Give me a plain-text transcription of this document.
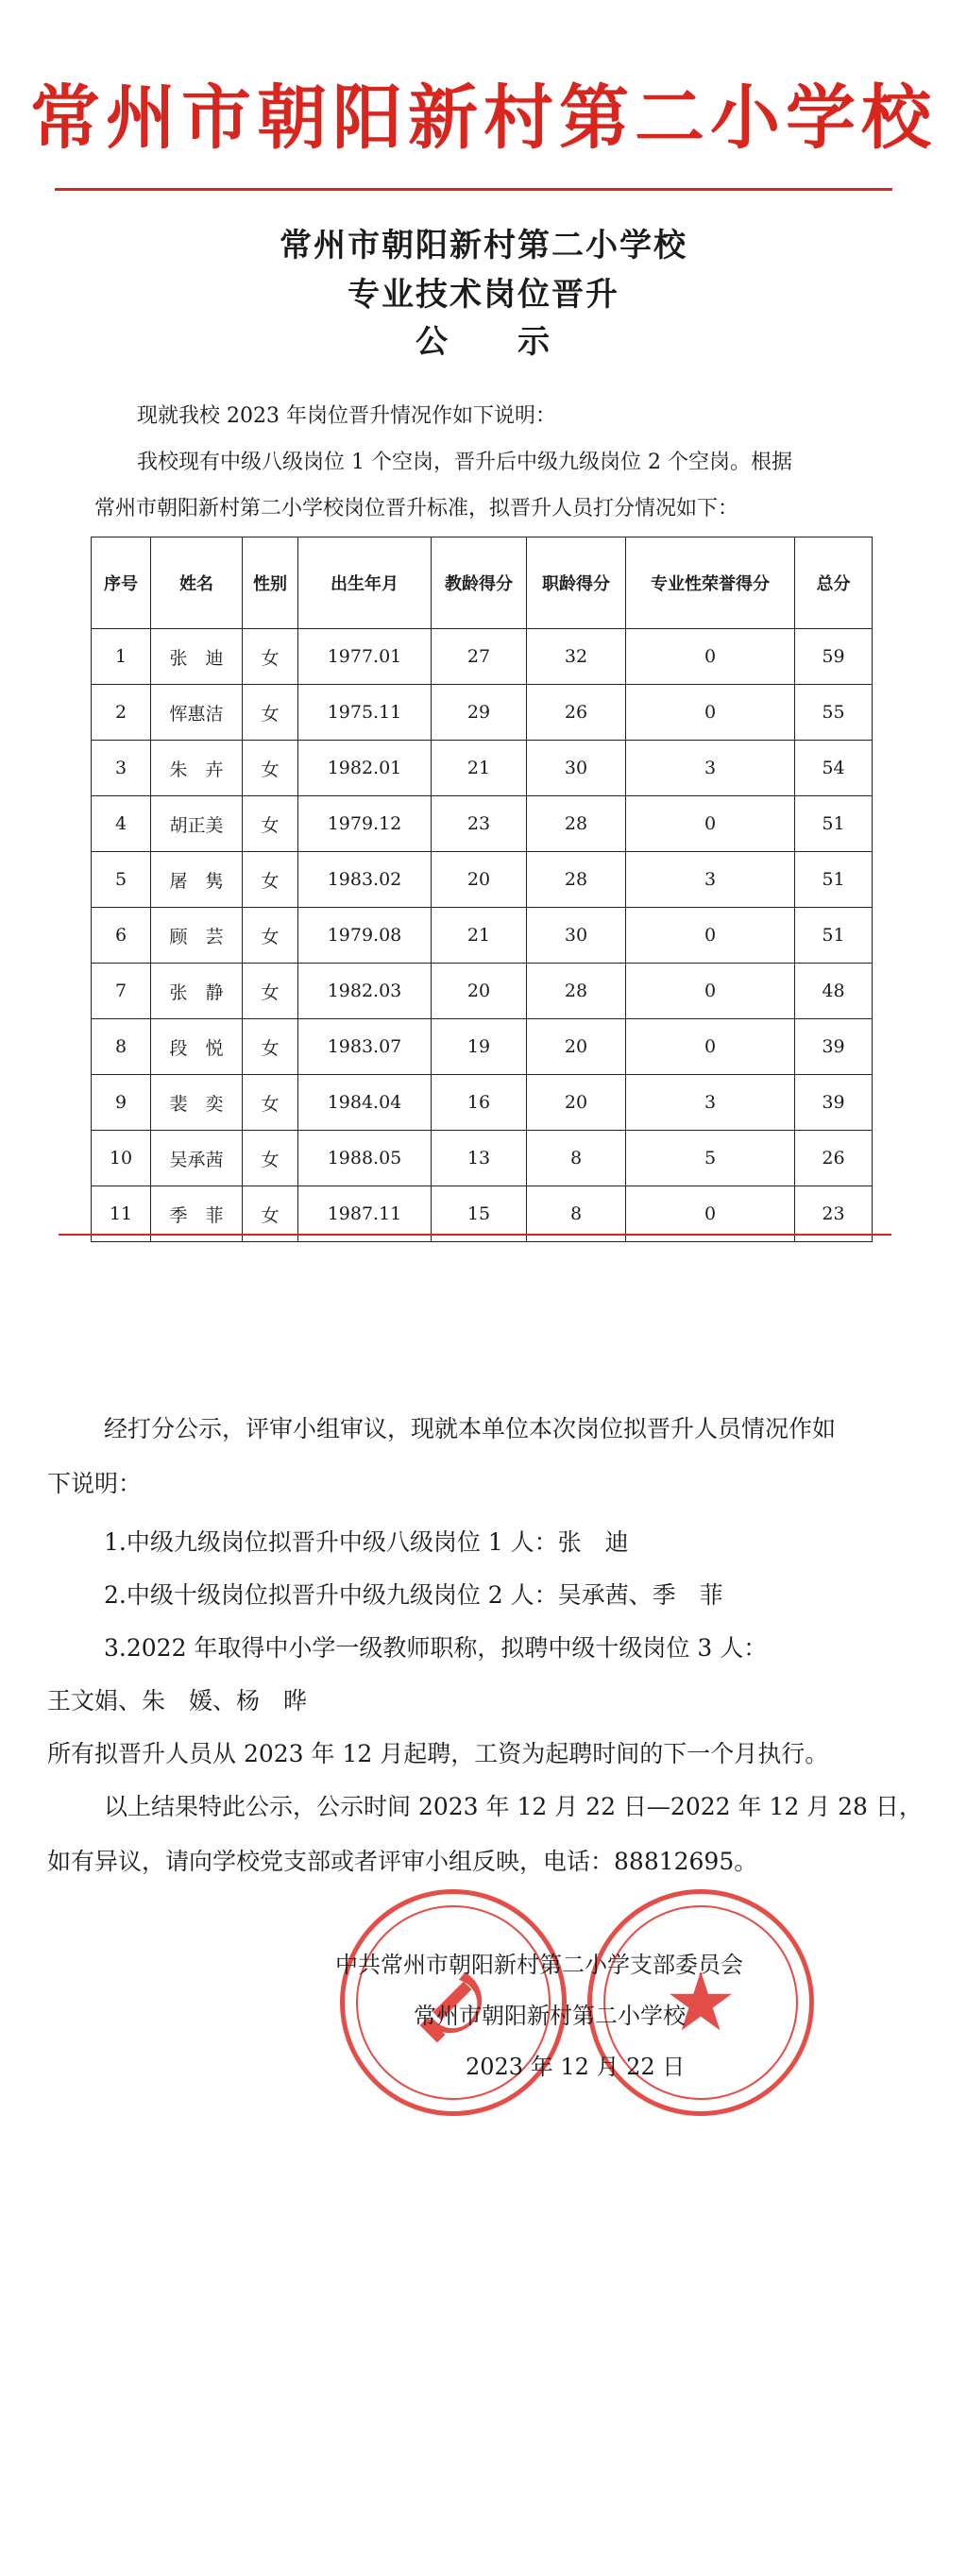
常州市朝阳新村第二小学校
常州市朝阳新村第二小学校
专业技术岗位晋升
公　　示
现就我校 2023 年岗位晋升情况作如下说明：
我校现有中级八级岗位 1 个空岗，晋升后中级九级岗位 2 个空岗。根据
常州市朝阳新村第二小学校岗位晋升标准，拟晋升人员打分情况如下：
序号	姓名	性别	出生年月	教龄得分	职龄得分	专业性荣誉得分	总分
1	张　迪	女	1977.01	27	32	0	59
2	恽惠洁	女	1975.11	29	26	0	55
3	朱　卉	女	1982.01	21	30	3	54
4	胡正美	女	1979.12	23	28	0	51
5	屠　隽	女	1983.02	20	28	3	51
6	顾　芸	女	1979.08	21	30	0	51
7	张　静	女	1982.03	20	28	0	48
8	段　悦	女	1983.07	19	20	0	39
9	裴　奕	女	1984.04	16	20	3	39
10	吴承茜	女	1988.05	13	8	5	26
11	季　菲	女	1987.11	15	8	0	23
经打分公示，评审小组审议，现就本单位本次岗位拟晋升人员情况作如
下说明：
1.中级九级岗位拟晋升中级八级岗位 1 人：张　迪
2.中级十级岗位拟晋升中级九级岗位 2 人：吴承茜、季　菲
3.2022 年取得中小学一级教师职称，拟聘中级十级岗位 3 人：
王文娟、朱　媛、杨　晔
所有拟晋升人员从 2023 年 12 月起聘，工资为起聘时间的下一个月执行。
以上结果特此公示，公示时间 2023 年 12 月 22 日—2022 年 12 月 28 日，
如有异议，请向学校党支部或者评审小组反映，电话：88812695。
★
中共常州市朝阳新村第二小学支部委员会
常州市朝阳新村第二小学校
2023 年 12 月 22 日
